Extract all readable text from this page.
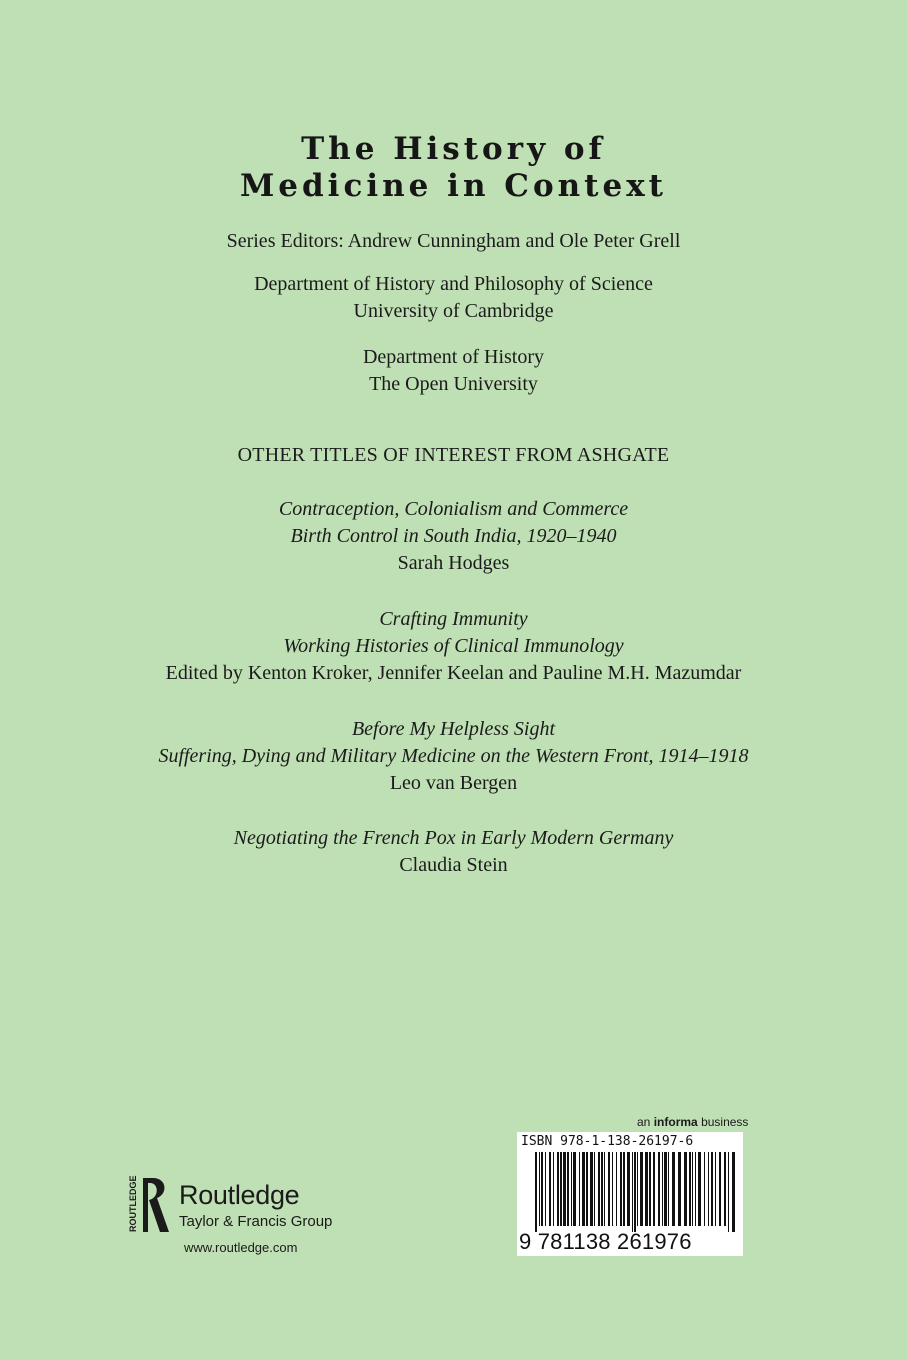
The History of
Medicine in Context
Series Editors: Andrew Cunningham and Ole Peter Grell
Department of History and Philosophy of Science
University of Cambridge
Department of History
The Open University
OTHER TITLES OF INTEREST FROM ASHGATE
Contraception, Colonialism and Commerce
Birth Control in South India, 1920–1940
Sarah Hodges
Crafting Immunity
Working Histories of Clinical Immunology
Edited by Kenton Kroker, Jennifer Keelan and Pauline M.H. Mazumdar
Before My Helpless Sight
Suffering, Dying and Military Medicine on the Western Front, 1914–1918
Leo van Bergen
Negotiating the French Pox in Early Modern Germany
Claudia Stein
ROUTLEDGE Routledge
Taylor & Francis Group
www.routledge.com
an informa business
ISBN 978-1-138-26197-6
9 781138 261976
